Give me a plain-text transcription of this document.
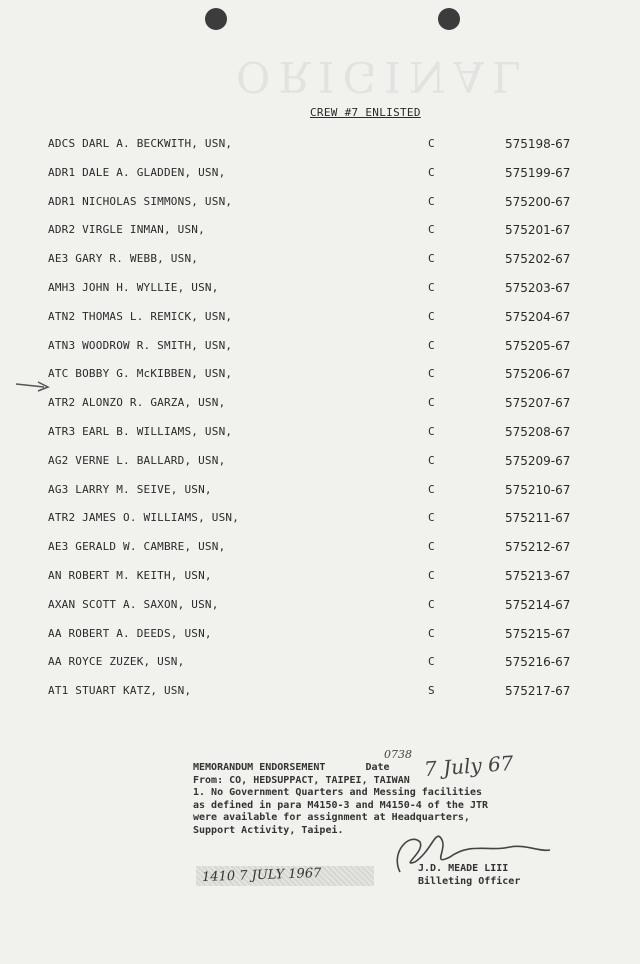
ORIGINAL
CREW #7 ENLISTED
ADCS DARL A. BECKWITH, USN,	C	575198-67
ADR1 DALE A. GLADDEN, USN,	C	575199-67
ADR1 NICHOLAS SIMMONS, USN,	C	575200-67
ADR2 VIRGLE INMAN, USN,	C	575201-67
AE3 GARY R. WEBB, USN,	C	575202-67
AMH3 JOHN H. WYLLIE, USN,	C	575203-67
ATN2 THOMAS L. REMICK, USN,	C	575204-67
ATN3 WOODROW R. SMITH, USN,	C	575205-67
ATC BOBBY G. McKIBBEN, USN,	C	575206-67
ATR2 ALONZO R. GARZA, USN,	C	575207-67
ATR3 EARL B. WILLIAMS, USN,	C	575208-67
AG2 VERNE L. BALLARD, USN,	C	575209-67
AG3 LARRY M. SEIVE, USN,	C	575210-67
ATR2 JAMES O. WILLIAMS, USN,	C	575211-67
AE3 GERALD W. CAMBRE, USN,	C	575212-67
AN ROBERT M. KEITH, USN,	C	575213-67
AXAN SCOTT A. SAXON, USN,	C	575214-67
AA ROBERT A. DEEDS, USN,	C	575215-67
AA ROYCE ZUZEK, USN,	C	575216-67
AT1 STUART KATZ, USN,	S	575217-67
0738 7 July 67
MEMORANDUM ENDORSEMENT	Date
From: CO, HEDSUPPACT, TAIPEI, TAIWAN
1. No Government Quarters and Messing facilities
as defined in para M4150-3 and M4150-4 of the JTR
were available for assignment at Headquarters,
Support Activity, Taipei.
J.D. MEADE LIII
Billeting Officer
1410 7 JULY 1967
